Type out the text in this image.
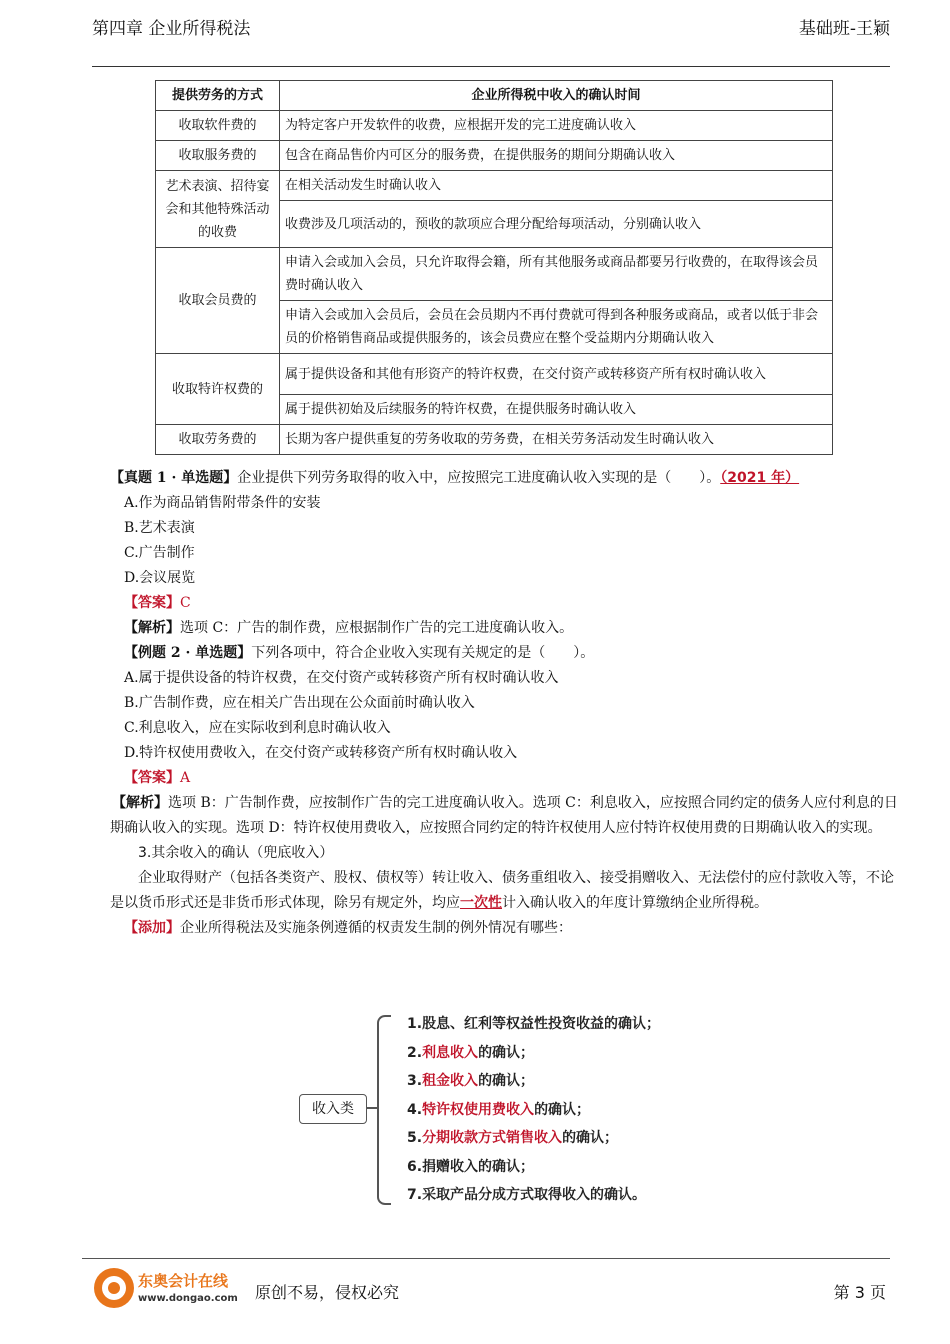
第四章 企业所得税法	基础班-王颖
提供劳务的方式	企业所得税中收入的确认时间
收取软件费的	为特定客户开发软件的收费，应根据开发的完工进度确认收入
收取服务费的	包含在商品售价内可区分的服务费，在提供服务的期间分期确认收入
艺术表演、招待宴会和其他特殊活动的收费	在相关活动发生时确认收入
	收费涉及几项活动的，预收的款项应合理分配给每项活动，分别确认收入
收取会员费的	申请入会或加入会员，只允许取得会籍，所有其他服务或商品都要另行收费的，在取得该会员费时确认收入
	申请入会或加入会员后，会员在会员期内不再付费就可得到各种服务或商品，或者以低于非会员的价格销售商品或提供服务的，该会员费应在整个受益期内分期确认收入
收取特许权费的	属于提供设备和其他有形资产的特许权费，在交付资产或转移资产所有权时确认收入
	属于提供初始及后续服务的特许权费，在提供服务时确认收入
收取劳务费的	长期为客户提供重复的劳务收取的劳务费，在相关劳务活动发生时确认收入

【真题 1 · 单选题】企业提供下列劳务取得的收入中，应按照完工进度确认收入实现的是（　　）。（2021 年）

A.作为商品销售附带条件的安装

B.艺术表演

C.广告制作

D.会议展览

【答案】C

【解析】选项 C：广告的制作费，应根据制作广告的完工进度确认收入。

【例题 2 · 单选题】下列各项中，符合企业收入实现有关规定的是（　　）。

A.属于提供设备的特许权费，在交付资产或转移资产所有权时确认收入

B.广告制作费，应在相关广告出现在公众面前时确认收入

C.利息收入，应在实际收到利息时确认收入

D.特许权使用费收入，在交付资产或转移资产所有权时确认收入

【答案】A

【解析】选项 B：广告制作费，应按制作广告的完工进度确认收入。选项 C：利息收入，应按照合同约定的债务人应付利息的日期确认收入的实现。选项 D：特许权使用费收入，应按照合同约定的特许权使用人应付特许权使用费的日期确认收入的实现。

3.其余收入的确认（兜底收入）

企业取得财产（包括各类资产、股权、债权等）转让收入、债务重组收入、接受捐赠收入、无法偿付的应付款收入等，不论是以货币形式还是非货币形式体现，除另有规定外，均应一次性计入确认收入的年度计算缴纳企业所得税。

【添加】企业所得税法及实施条例遵循的权责发生制的例外情况有哪些：

收入类
1.股息、红利等权益性投资收益的确认；
2.利息收入的确认；
3.租金收入的确认；
4.特许权使用费收入的确认；
5.分期收款方式销售收入的确认；
6.捐赠收入的确认；
7.采取产品分成方式取得收入的确认。
东奥会计在线
www.dongao.com 原创不易，侵权必究	第 3 页
